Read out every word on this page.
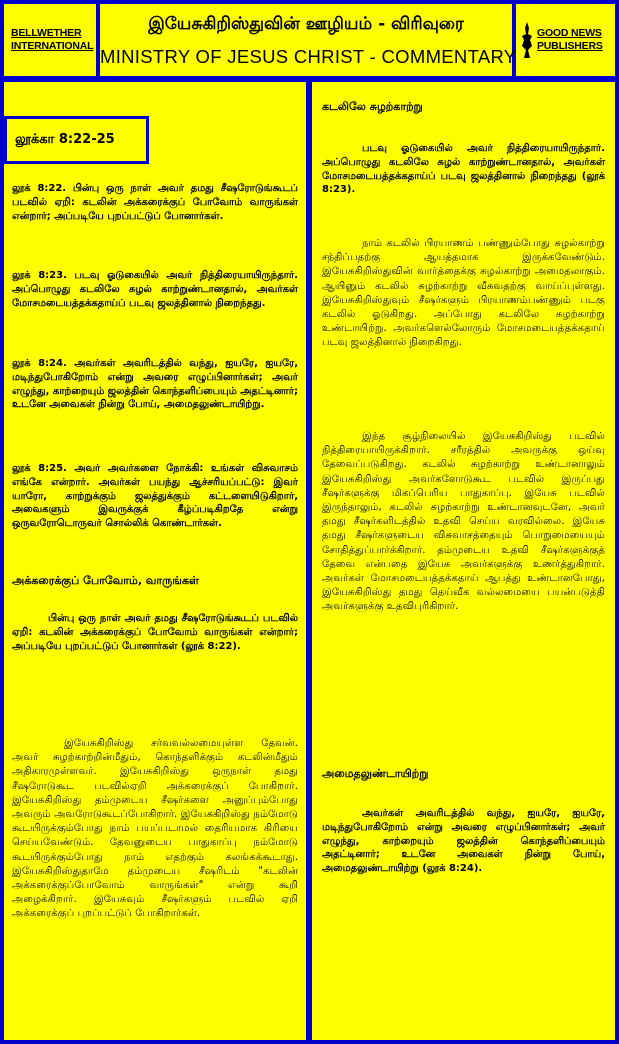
BELLWETHER
INTERNATIONAL
இயேசுகிறிஸ்துவின் ஊழியம் - விரிவுரை
MINISTRY OF JESUS CHRIST - COMMENTARY
GOOD NEWS
PUBLISHERS
லூக்கா 8:22-25

லூக் 8:22. பின்பு ஒரு நாள் அவர் தமது சீஷரோடுங்கூடப் படவில் ஏறி: கடலின் அக்கரைக்குப் போவோம் வாருங்கள் என்றார்; அப்படியே புறப்பட்டுப் போனார்கள்.

லூக் 8:23. படவு ஓடுகையில் அவர் நித்திரையாயிருந்தார். அப்பொழுது கடலிலே சுழல் காற்றுண்டானதால், அவர்கள் மோசமடையத்தக்கதாய்ப் படவு ஜலத்தினால் நிறைந்தது.

லூக் 8:24. அவர்கள் அவரிடத்தில் வந்து, ஐயரே, ஐயரே, மடிந்துபோகிறோம் என்று அவரை எழுப்பினார்கள்; அவர் எழுந்து, காற்றையும் ஜலத்தின் கொந்தளிப்பையும் அதட்டினார்; உடனே அவைகள் நின்று போய், அமைதலுண்டாயிற்று.

லூக் 8:25. அவர் அவர்களை நோக்கி: உங்கள் விசுவாசம் எங்கே என்றார். அவர்கள் பயந்து ஆச்சரியப்பட்டு: இவர் யாரோ, காற்றுக்கும் ஜலத்துக்கும் கட்டளையிடுகிறார், அவைகளும் இவருக்குக் கீழ்ப்படிகிறதே என்று ஒருவரோடொருவர் சொல்லிக் கொண்டார்கள்.

அக்கரைக்குப் போவோம், வாருங்கள்

பின்பு ஒரு நாள் அவர் தமது சீஷரோடுங்கூடப் படவில் ஏறி: கடலின் அக்கரைக்குப் போவோம் வாருங்கள் என்றார்; அப்படியே புறப்பட்டுப் போனார்கள் (லூக் 8:22).

இயேசுகிறிஸ்து சர்வவல்லமையுள்ள தேவன். அவர் சுழற்காற்றின்மீதும், கொந்தளிக்கும் கடலின்மீதும் அதிகாரமுள்ளவர். இயேசுகிறிஸ்து ஒருநாள் தமது சீஷரோடுகூட படவில்ஏறி அக்கரைக்குப் போகிறார். இயேசுகிறிஸ்து தம்முடைய சீஷர்களை அனுப்பும்போது அவரும் அவரோடுகூடப்போகிறார். இயேசுகிறிஸ்து நம்மோடு கூடயிருக்கும்போது நாம் பயப்படாமல் தைரியமாக கிரியை செய்யவேண்டும். தேவனுடைய பாதுகாப்பு நம்மோடு கூடயிருக்கும்போது நாம் எதற்கும் கலங்கக்கூடாது. இயேசுகிறிஸ்துதாமே தம்முடைய சீஷரிடம் "கடலின் அக்கரைக்குப்போவோம் வாருங்கள்" என்று கூறி அழைக்கிறார். இயேசுவும் சீஷர்களும் படவில் ஏறி அக்கரைக்குப் புறப்பட்டுப் போகிறார்கள்.

கடலிலே சுழற்காற்று

படவு ஓடுகையில் அவர் நித்திரையாயிருந்தார். அப்பொழுது கடலிலே சுழல் காற்றுண்டானதால், அவர்கள் மோசமடையத்தக்கதாய்ப் படவு ஜலத்தினால் நிறைந்தது (லூக் 8:23).

நாம் கடலில் பிரயாணம் பண்ணும்போது சுழல்காற்று சந்திப்பதற்கு ஆயத்தமாக இருக்கவேண்டும். இயேசுகிறிஸ்துவின் வார்த்தைக்கு சுழல்காற்று அமைதலாகும். ஆயினும் கடலில் சுழற்காற்று வீசுவதற்கு வாய்ப்புள்ளது. இயேசுகிறிஸ்துவும் சீஷர்களும் பிரயாணம்பண்ணும் படகு கடலில் ஓடுகிறது. அப்போது கடலிலே சுழற்காற்று உண்டாயிற்று. அவர்களெல்லோரும் மோசமடையத்தக்கதாய் படவு ஜலத்தினால் நிறைகிறது.

இந்த சூழ்நிலையில் இயேசுகிறிஸ்து படவில் நித்திரையாயிருக்கிறார். சரீரத்தில் அவருக்கு ஒய்வு தேவைப்படுகிறது. கடலில் சுழற்காற்று உண்டானாலும் இயேசுகிறிஸ்து அவர்களோடுகூட படவில் இருப்பது சீஷர்களுக்கு மிகப்பெரிய பாதுகாப்பு. இயேசு படவில் இருந்தாலும், கடலில் சுழற்காற்று உண்டானவுடனே, அவர் தமது சீஷர்களிடத்தில் உதவி செய்ய வரவில்லை. இயேசு தமது சீஷர்களுடைய விசுவாசத்தையும் பொறுமையையும் சோதித்துப்பார்க்கிறார். தம்முடைய உதவி சீஷர்களுக்குத் தேவை என்பதை இயேசு அவர்களுக்கு உணர்த்துகிறார். அவர்கள் மோசமடையத்தக்கதாய் ஆபத்து உண்டானபோது, இயேசுகிறிஸ்து தமது தெய்வீக வல்லமையை பயன்படுத்தி அவர்களுக்கு உதவிபுரிகிறார்.

அமைதலுண்டாயிற்று

அவர்கள் அவரிடத்தில் வந்து, ஐயரே, ஐயரே, மடிந்துபோகிறோம் என்று அவரை எழுப்பினார்கள்; அவர் எழுந்து, காற்றையும் ஜலத்தின் கொந்தளிப்பையும் அதட்டினார்; உடனே அவைகள் நின்று போய், அமைதலுண்டாயிற்று (லூக் 8:24).
